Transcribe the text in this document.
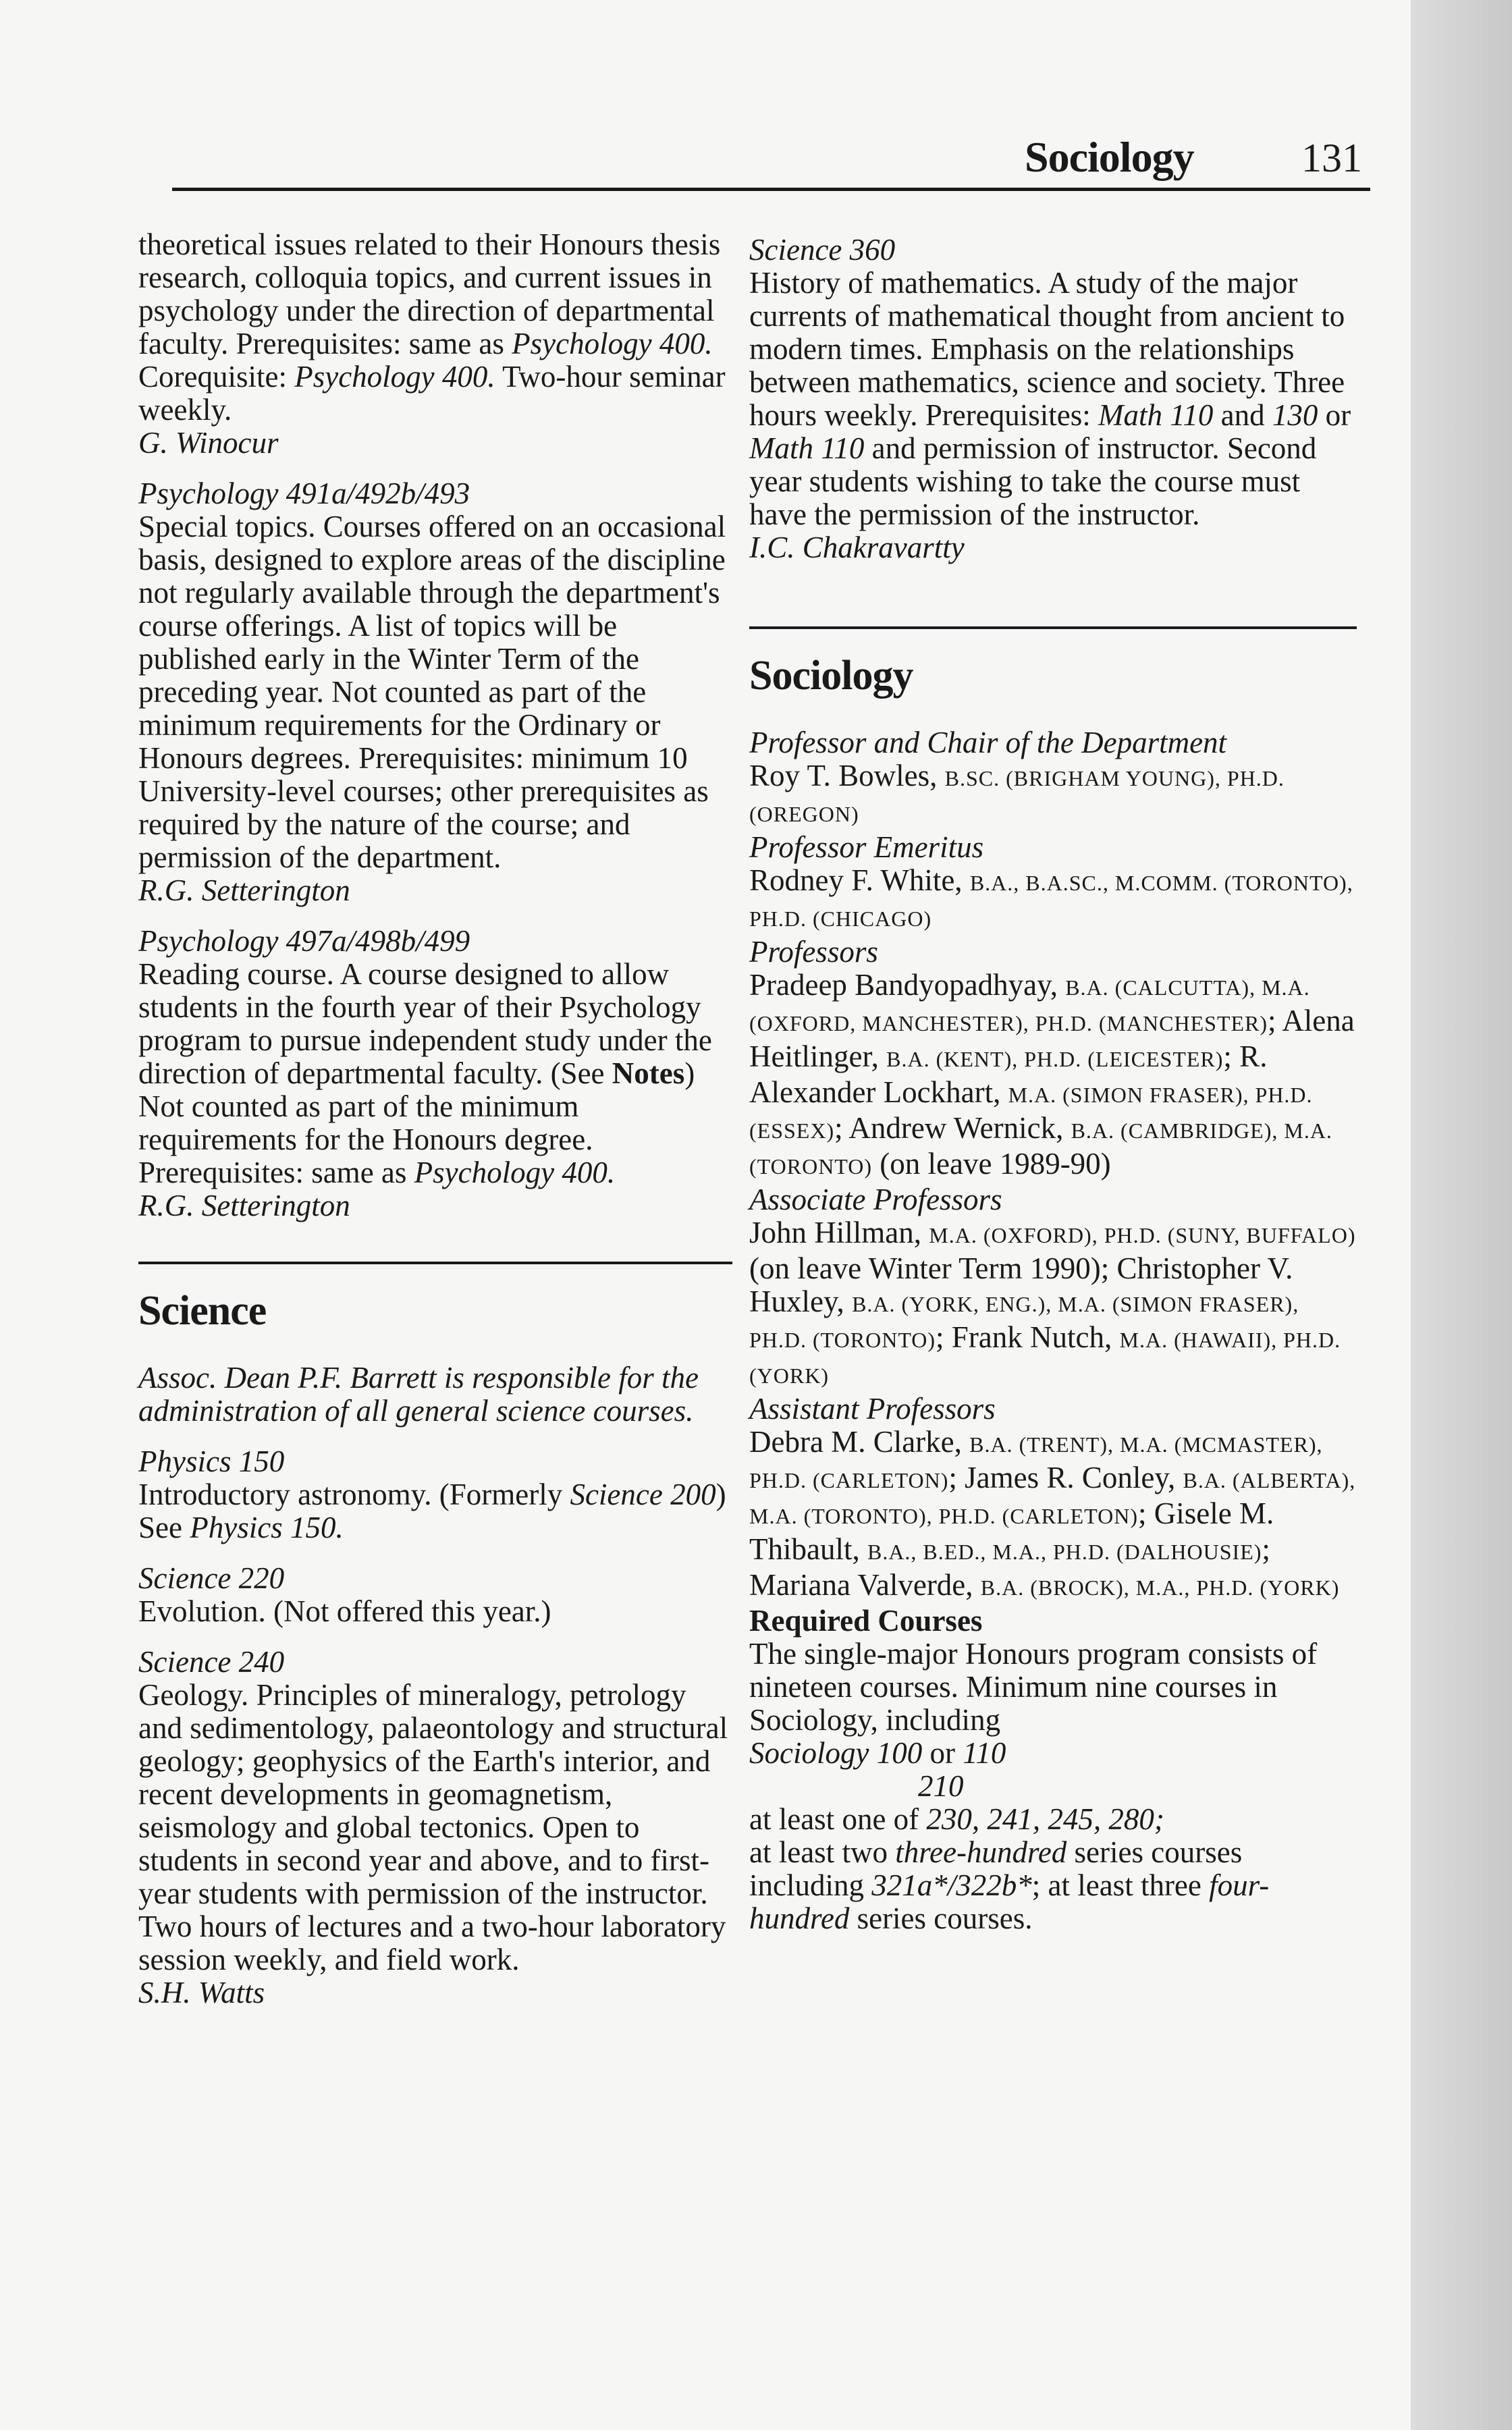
Sociology	131

theoretical issues related to their Honours thesis research, colloquia topics, and current issues in psychology under the direction of departmental faculty. Prerequisites: same as Psychology 400. Corequisite: Psychology 400. Two-hour seminar weekly.

G. Winocur

Psychology 491a/492b/493

Special topics. Courses offered on an occasional basis, designed to explore areas of the discipline not regularly available through the department's course offerings. A list of topics will be published early in the Winter Term of the preceding year. Not counted as part of the minimum requirements for the Ordinary or Honours degrees. Prerequisites: minimum 10 University-level courses; other prerequisites as required by the nature of the course; and permission of the department.

R.G. Setterington

Psychology 497a/498b/499

Reading course. A course designed to allow students in the fourth year of their Psychology program to pursue independent study under the direction of departmental faculty. (See Notes) Not counted as part of the minimum requirements for the Honours degree. Prerequisites: same as Psychology 400.

R.G. Setterington

Science

Assoc. Dean P.F. Barrett is responsible for the administration of all general science courses.

Physics 150

Introductory astronomy. (Formerly Science 200) See Physics 150.

Science 220

Evolution. (Not offered this year.)

Science 240

Geology. Principles of mineralogy, petrology and sedimentology, palaeontology and structural geology; geophysics of the Earth's interior, and recent developments in geomagnetism, seismology and global tectonics. Open to students in second year and above, and to first-year students with permission of the instructor. Two hours of lectures and a two-hour laboratory session weekly, and field work.

S.H. Watts

Science 360

History of mathematics. A study of the major currents of mathematical thought from ancient to modern times. Emphasis on the relationships between mathematics, science and society. Three hours weekly. Prerequisites: Math 110 and 130 or Math 110 and permission of instructor. Second year students wishing to take the course must have the permission of the instructor.

I.C. Chakravartty

Sociology

Professor and Chair of the Department

Roy T. Bowles, B.SC. (BRIGHAM YOUNG), PH.D. (OREGON)

Professor Emeritus

Rodney F. White, B.A., B.A.SC., M.COMM. (TORONTO), PH.D. (CHICAGO)

Professors

Pradeep Bandyopadhyay, B.A. (CALCUTTA), M.A. (OXFORD, MANCHESTER), PH.D. (MANCHESTER); Alena Heitlinger, B.A. (KENT), PH.D. (LEICESTER); R. Alexander Lockhart, M.A. (SIMON FRASER), PH.D. (ESSEX); Andrew Wernick, B.A. (CAMBRIDGE), M.A. (TORONTO) (on leave 1989-90)

Associate Professors

John Hillman, M.A. (OXFORD), PH.D. (SUNY, BUFFALO) (on leave Winter Term 1990); Christopher V. Huxley, B.A. (YORK, ENG.), M.A. (SIMON FRASER), PH.D. (TORONTO); Frank Nutch, M.A. (HAWAII), PH.D. (YORK)

Assistant Professors

Debra M. Clarke, B.A. (TRENT), M.A. (MCMASTER), PH.D. (CARLETON); James R. Conley, B.A. (ALBERTA), M.A. (TORONTO), PH.D. (CARLETON); Gisele M. Thibault, B.A., B.ED., M.A., PH.D. (DALHOUSIE); Mariana Valverde, B.A. (BROCK), M.A., PH.D. (YORK)

Required Courses

The single-major Honours program consists of nineteen courses. Minimum nine courses in Sociology, including

Sociology 100 or 110

210

at least one of 230, 241, 245, 280;

at least two three-hundred series courses including 321a*/322b*; at least three four-hundred series courses.
